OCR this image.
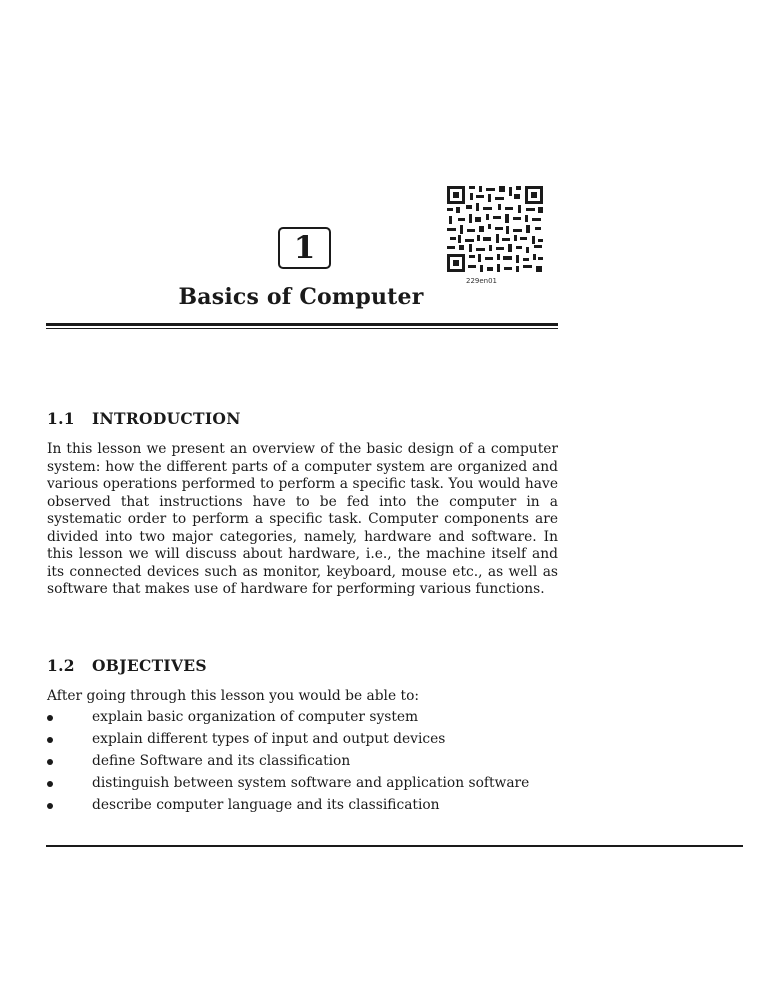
1
229en01
Basics of Computer
1.1 INTRODUCTION

In this lesson we present an overview of the basic design of a computer system: how the different parts of a computer system are organized and various operations performed to perform a specific task. You would have observed that instructions have to be fed into the computer in a systematic order to perform a specific task. Computer components are divided into two major categories, namely, hardware and software. In this lesson we will discuss about hardware, i.e., the machine itself and its connected devices such as monitor, keyboard, mouse etc., as well as software that makes use of hardware for performing various functions.

1.2 OBJECTIVES

After going through this lesson you would be able to:

explain basic organization of computer system
explain different types of input and output devices
define Software and its classification
distinguish between system software and application software
describe computer language and its classification
